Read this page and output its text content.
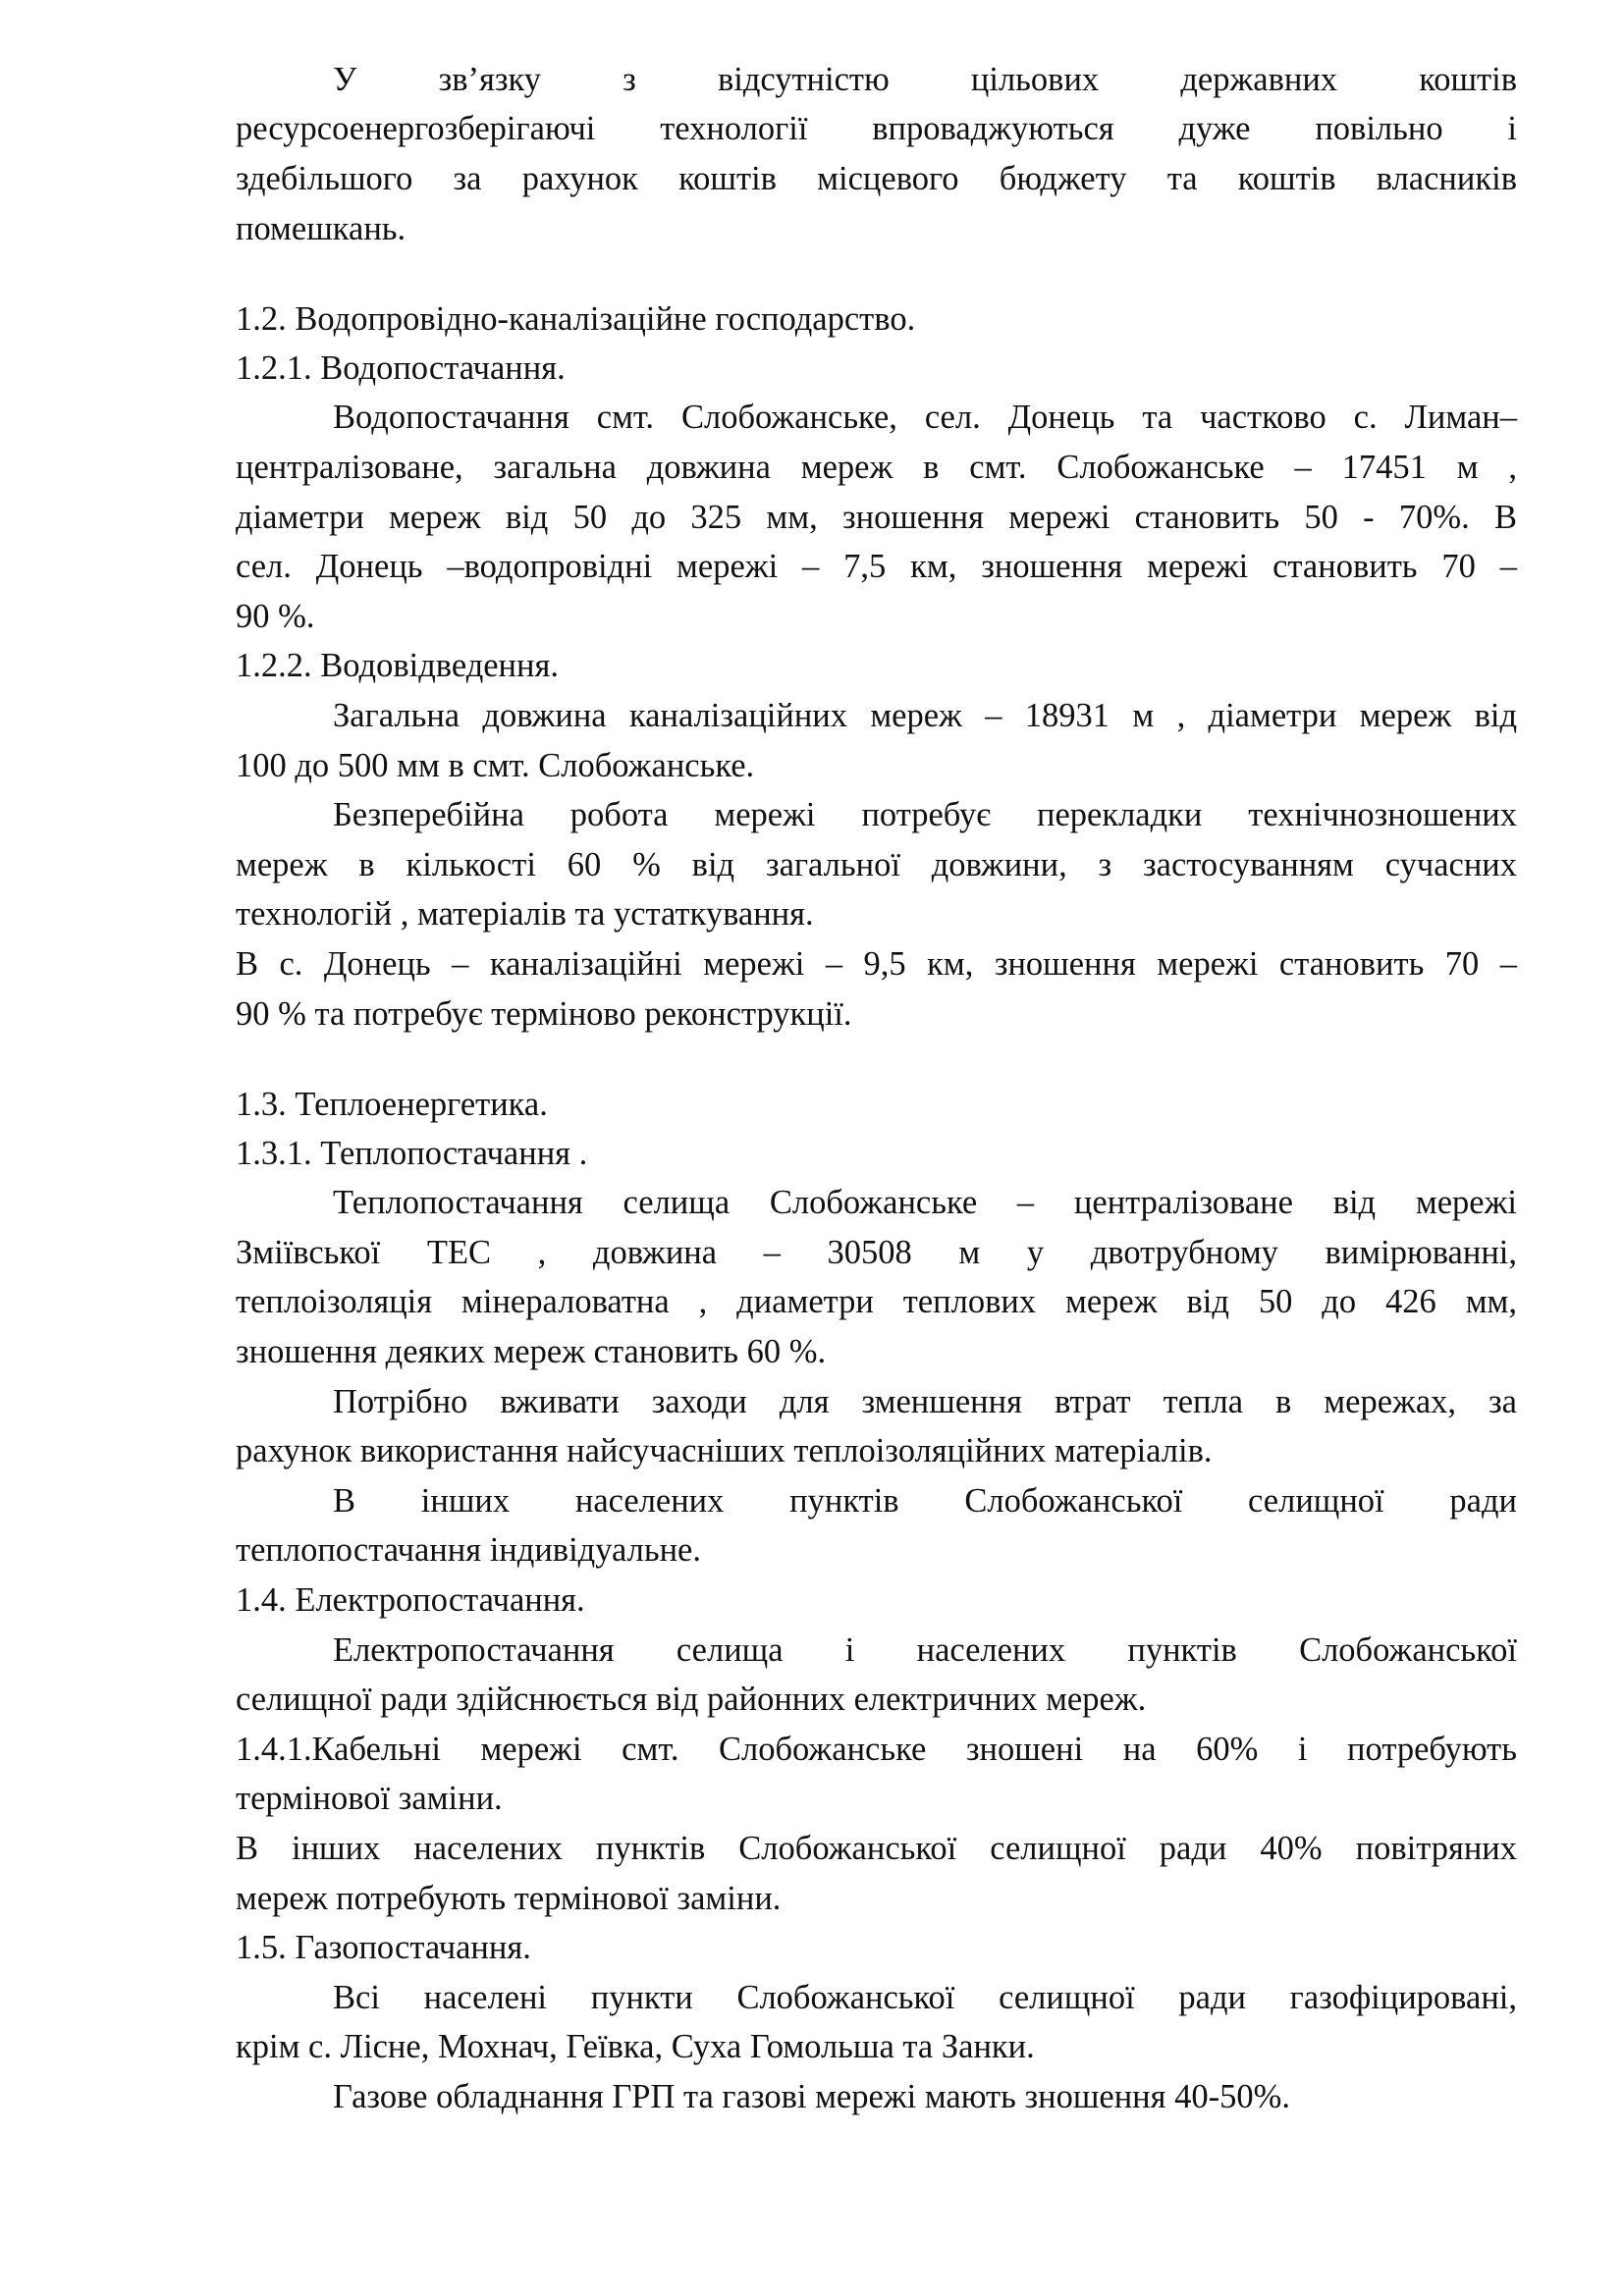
У зв’язку з відсутністю цільових державних коштів
ресурсоенергозберігаючі технології впроваджуються дуже повільно і
здебільшого за рахунок коштів місцевого бюджету та коштів власників
помешкань.
1.2. Водопровідно-каналізаційне господарство.
1.2.1. Водопостачання.
Водопостачання смт. Слобожанське, сел. Донець та частково с. Лиман–
централізоване, загальна довжина мереж в смт. Слобожанське – 17451 м ,
діаметри мереж від 50 до 325 мм, зношення мережі становить 50 - 70%. В
сел. Донець –водопровідні мережі – 7,5 км, зношення мережі становить 70 –
90 %.
1.2.2. Водовідведення.
Загальна довжина каналізаційних мереж – 18931 м , діаметри мереж від
100 до 500 мм в смт. Слобожанське.
Безперебійна робота мережі потребує перекладки технічнозношених
мереж в кількості 60 % від загальної довжини, з застосуванням сучасних
технологій , матеріалів та устаткування.
В с. Донець – каналізаційні мережі – 9,5 км, зношення мережі становить 70 –
90 % та потребує терміново реконструкції.
1.3. Теплоенергетика.
1.3.1. Теплопостачання .
Теплопостачання селища Слобожанське – централізоване від мережі
Зміївської ТЕС , довжина – 30508 м у двотрубному вимірюванні,
теплоізоляція мінераловатна , диаметри теплових мереж від 50 до 426 мм,
зношення деяких мереж становить 60 %.
Потрібно вживати заходи для зменшення втрат тепла в мережах, за
рахунок використання найсучасніших теплоізоляційних матеріалів.
В інших населених пунктів Слобожанської селищної ради
теплопостачання індивідуальне.
1.4. Електропостачання.
Електропостачання селища і населених пунктів Слобожанської
селищної ради здійснюється від районних електричних мереж.
1.4.1.Кабельні мережі смт. Слобожанське зношені на 60% і потребують
термінової заміни.
В інших населених пунктів Слобожанської селищної ради 40% повітряних
мереж потребують термінової заміни.
1.5. Газопостачання.
Всі населені пункти Слобожанської селищної ради газофіцировані,
крім с. Лісне, Мохнач, Геївка, Суха Гомольша та Занки.
Газове обладнання ГРП та газові мережі мають зношення 40-50%.
